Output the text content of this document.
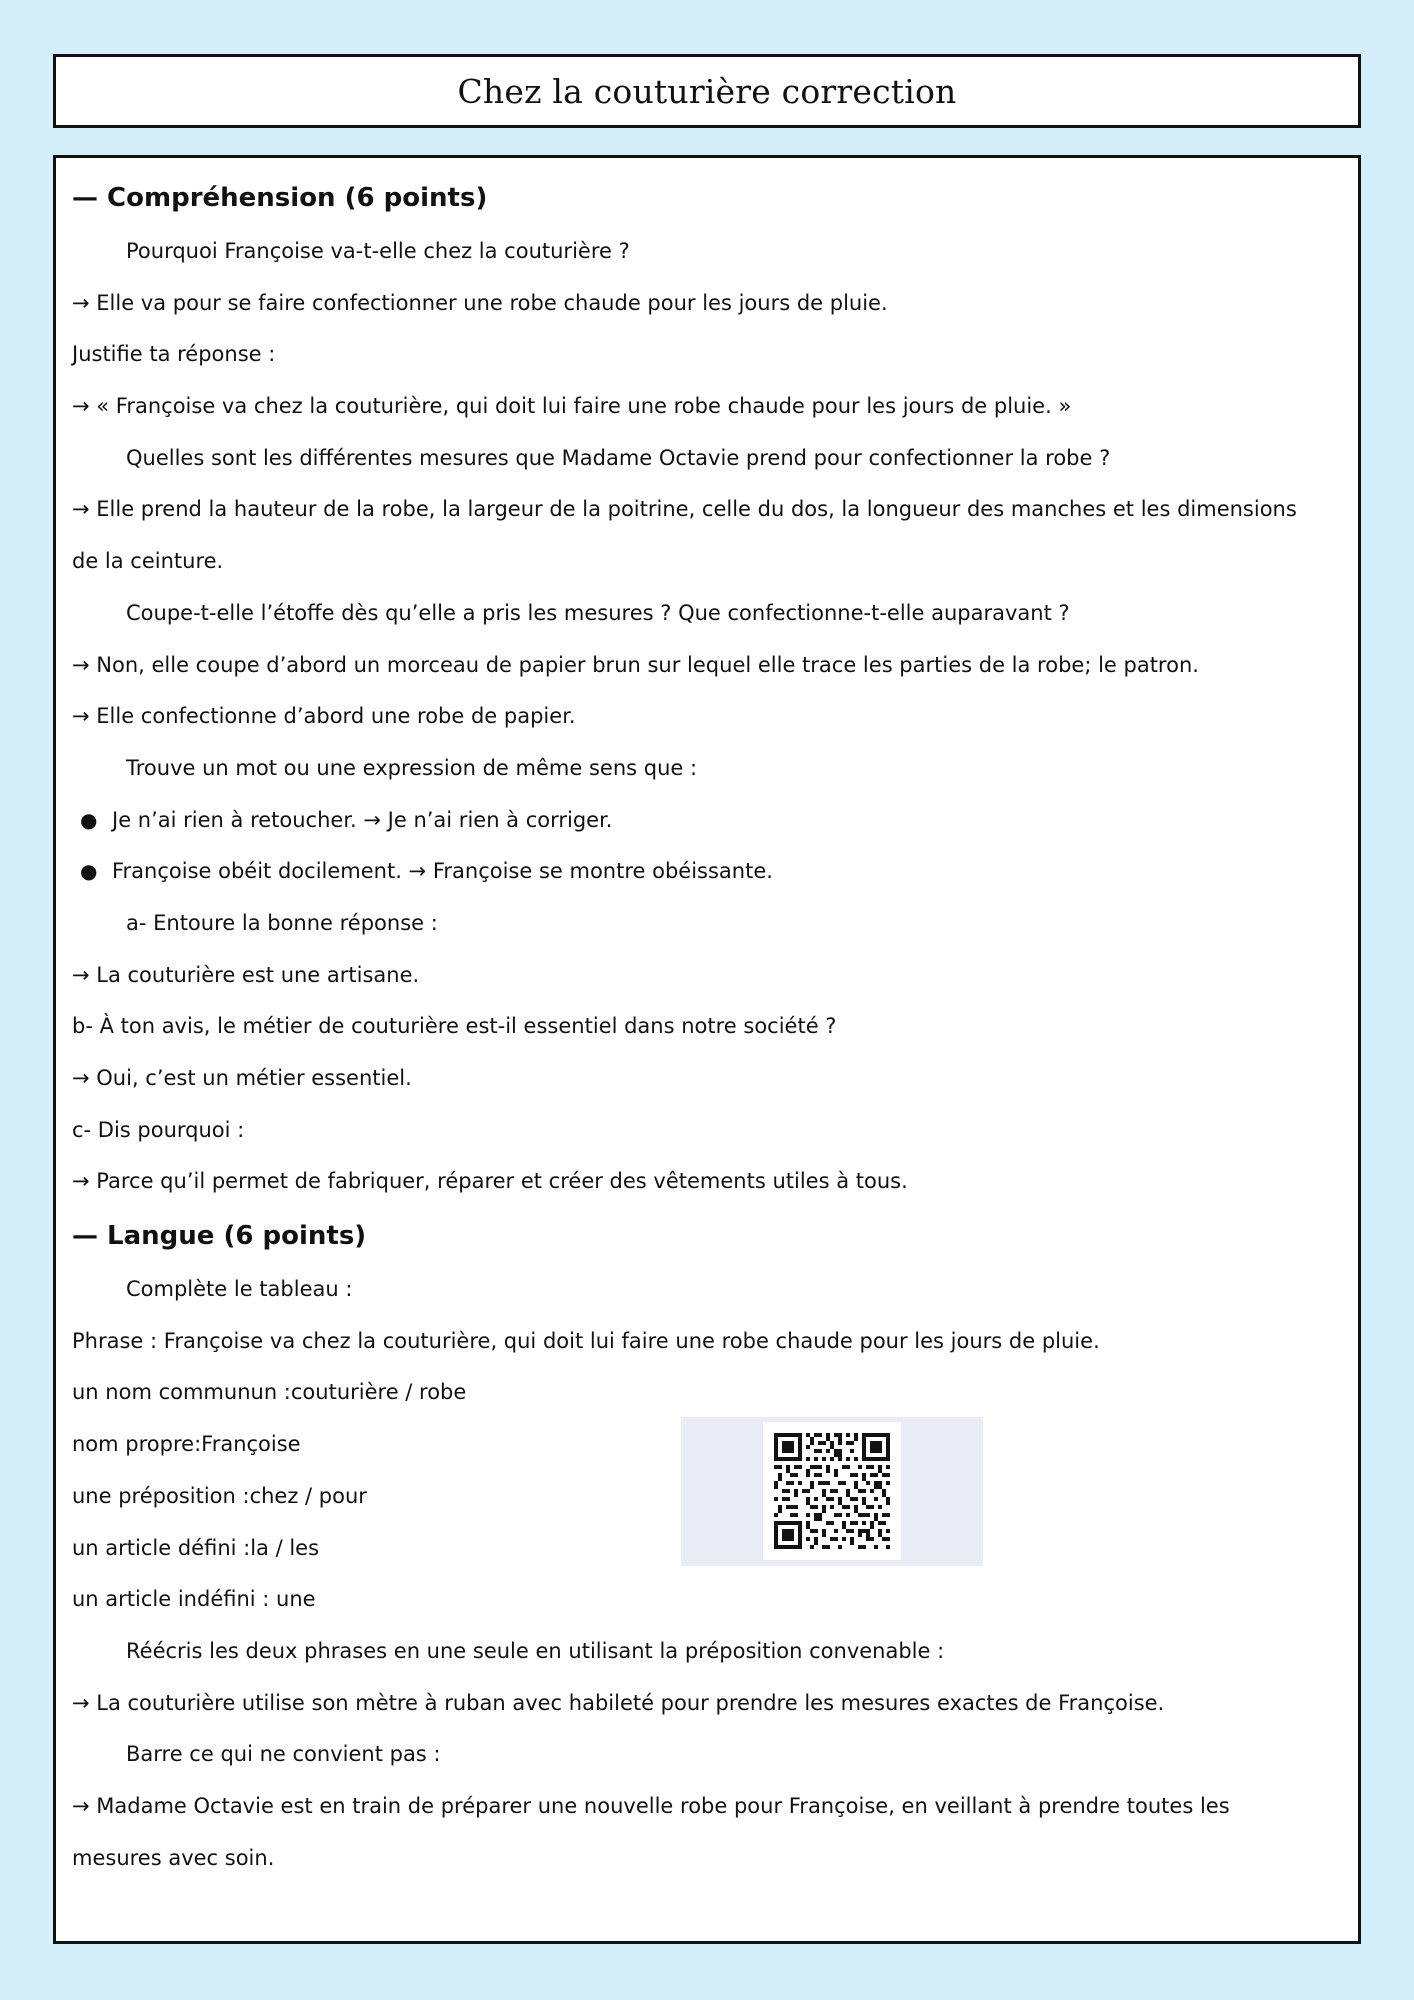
Chez la couturière correction
— Compréhension (6 points)
Pourquoi Françoise va-t-elle chez la couturière ?
→ Elle va pour se faire confectionner une robe chaude pour les jours de pluie.
Justifie ta réponse :
→ « Françoise va chez la couturière, qui doit lui faire une robe chaude pour les jours de pluie. »
Quelles sont les différentes mesures que Madame Octavie prend pour confectionner la robe ?
→ Elle prend la hauteur de la robe, la largeur de la poitrine, celle du dos, la longueur des manches et les dimensions
de la ceinture.
Coupe-t-elle l’étoffe dès qu’elle a pris les mesures ? Que confectionne-t-elle auparavant ?
→ Non, elle coupe d’abord un morceau de papier brun sur lequel elle trace les parties de la robe; le patron.
→ Elle confectionne d’abord une robe de papier.
Trouve un mot ou une expression de même sens que :
● Je n’ai rien à retoucher. → Je n’ai rien à corriger.
● Françoise obéit docilement. → Françoise se montre obéissante.
a- Entoure la bonne réponse :
→ La couturière est une artisane.
b- À ton avis, le métier de couturière est-il essentiel dans notre société ?
→ Oui, c’est un métier essentiel.
c- Dis pourquoi :
→ Parce qu’il permet de fabriquer, réparer et créer des vêtements utiles à tous.
— Langue (6 points)
Complète le tableau :
Phrase : Françoise va chez la couturière, qui doit lui faire une robe chaude pour les jours de pluie.
un nom communun :couturière / robe
nom propre:Françoise
une préposition :chez / pour
un article défini :la / les
un article indéfini : une
Réécris les deux phrases en une seule en utilisant la préposition convenable :
→ La couturière utilise son mètre à ruban avec habileté pour prendre les mesures exactes de Françoise.
Barre ce qui ne convient pas :
→ Madame Octavie est en train de préparer une nouvelle robe pour Françoise, en veillant à prendre toutes les
mesures avec soin.
